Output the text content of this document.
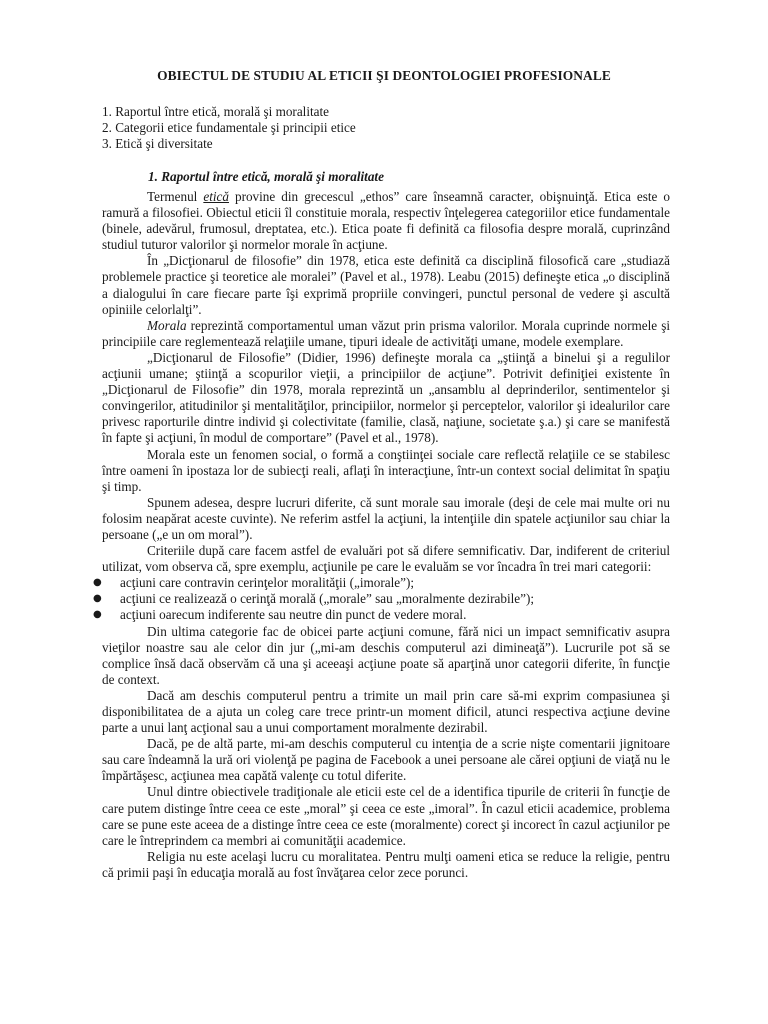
OBIECTUL DE STUDIU AL ETICII ŞI DEONTOLOGIEI PROFESIONALE
1. Raportul între etică, morală şi moralitate
2. Categorii etice fundamentale şi principii etice
3. Etică şi diversitate
1. Raportul între etică, morală şi moralitate

Termenul etică provine din grecescul „ethos” care înseamnă caracter, obişnuinţă. Etica este o ramură a filosofiei. Obiectul eticii îl constituie morala, respectiv înţelegerea categoriilor etice fundamentale (binele, adevărul, frumosul, dreptatea, etc.). Etica poate fi definită ca filosofia despre morală, cuprinzând studiul tuturor valorilor şi normelor morale în acţiune.

În „Dicţionarul de filosofie” din 1978, etica este definită ca disciplină filosofică care „studiază problemele practice şi teoretice ale moralei” (Pavel et al., 1978). Leabu (2015) defineşte etica „o disciplină a dialogului în care fiecare parte îşi exprimă propriile convingeri, punctul personal de vedere şi ascultă opiniile celorlalţi”.

Morala reprezintă comportamentul uman văzut prin prisma valorilor. Morala cuprinde normele şi principiile care reglementează relaţiile umane, tipuri ideale de activităţi umane, modele exemplare.

„Dicţionarul de Filosofie” (Didier, 1996) defineşte morala ca „ştiinţă a binelui şi a regulilor acţiunii umane; ştiinţă a scopurilor vieţii, a principiilor de acţiune”. Potrivit definiţiei existente în „Dicţionarul de Filosofie” din 1978, morala reprezintă un „ansamblu al deprinderilor, sentimentelor şi convingerilor, atitudinilor şi mentalităţilor, principiilor, normelor şi perceptelor, valorilor şi idealurilor care privesc raporturile dintre individ şi colectivitate (familie, clasă, naţiune, societate ş.a.) şi care se manifestă în fapte şi acţiuni, în modul de comportare” (Pavel et al., 1978).

Morala este un fenomen social, o formă a conştiinţei sociale care reflectă relaţiile ce se stabilesc între oameni în ipostaza lor de subiecţi reali, aflaţi în interacţiune, într-un context social delimitat în spaţiu şi timp.

Spunem adesea, despre lucruri diferite, că sunt morale sau imorale (deşi de cele mai multe ori nu folosim neapărat aceste cuvinte). Ne referim astfel la acţiuni, la intenţiile din spatele acţiunilor sau chiar la persoane („e un om moral”).

Criteriile după care facem astfel de evaluări pot să difere semnificativ. Dar, indiferent de criteriul utilizat, vom observa că, spre exemplu, acţiunile pe care le evaluăm se vor încadra în trei mari categorii:

● acţiuni care contravin cerinţelor moralităţii („imorale”);
● acţiuni ce realizează o cerinţă morală („morale” sau „moralmente dezirabile”);
● acţiuni oarecum indiferente sau neutre din punct de vedere moral.

Din ultima categorie fac de obicei parte acţiuni comune, fără nici un impact semnificativ asupra vieţilor noastre sau ale celor din jur („mi-am deschis computerul azi dimineaţă”). Lucrurile pot să se complice însă dacă observăm că una şi aceeaşi acţiune poate să aparţină unor categorii diferite, în funcţie de context.

Dacă am deschis computerul pentru a trimite un mail prin care să-mi exprim compasiunea şi disponibilitatea de a ajuta un coleg care trece printr-un moment dificil, atunci respectiva acţiune devine parte a unui lanţ acţional sau a unui comportament moralmente dezirabil.

Dacă, pe de altă parte, mi-am deschis computerul cu intenţia de a scrie nişte comentarii jignitoare sau care îndeamnă la ură ori violenţă pe pagina de Facebook a unei persoane ale cărei opţiuni de viaţă nu le împărtăşesc, acţiunea mea capătă valenţe cu totul diferite.

Unul dintre obiectivele tradiţionale ale eticii este cel de a identifica tipurile de criterii în funcţie de care putem distinge între ceea ce este „moral” şi ceea ce este „imoral”. În cazul eticii academice, problema care se pune este aceea de a distinge între ceea ce este (moralmente) corect şi incorect în cazul acţiunilor pe care le întreprindem ca membri ai comunităţii academice.

Religia nu este acelaşi lucru cu moralitatea. Pentru mulţi oameni etica se reduce la religie, pentru că primii paşi în educaţia morală au fost învăţarea celor zece porunci.
